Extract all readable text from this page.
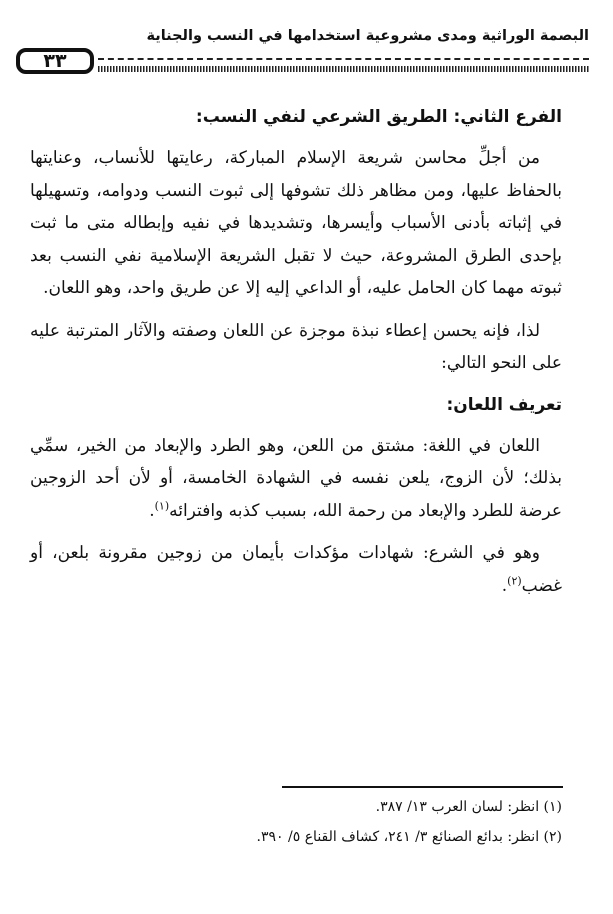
٣٣
البصمة الوراثية ومدى مشروعية استخدامها في النسب والجناية
الفرع الثاني: الطريق الشرعي لنفي النسب:

من أجلِّ محاسن شريعة الإسلام المباركة، رعايتها للأنساب، وعنايتها بالحفاظ عليها، ومن مظاهر ذلك تشوفها إلى ثبوت النسب ودوامه، وتسهيلها في إثباته بأدنى الأسباب وأيسرها، وتشديدها في نفيه وإبطاله متى ما ثبت بإحدى الطرق المشروعة، حيث لا تقبل الشريعة الإسلامية نفي النسب بعد ثبوته مهما كان الحامل عليه، أو الداعي إليه إلا عن طريق واحد، وهو اللعان.

لذا، فإنه يحسن إعطاء نبذة موجزة عن اللعان وصفته والآثار المترتبة عليه على النحو التالي:

تعريف اللعان:

اللعان في اللغة: مشتق من اللعن، وهو الطرد والإبعاد من الخير، سمِّي بذلك؛ لأن الزوج، يلعن نفسه في الشهادة الخامسة، أو لأن أحد الزوجين عرضة للطرد والإبعاد من رحمة الله، بسبب كذبه وافترائه$^{(١)}$.

وهو في الشرع: شهادات مؤكدات بأيمان من زوجين مقرونة بلعن، أو غضب$^{(٢)}$.

(١) انظر: لسان العرب ١٣/ ٣٨٧.

(٢) انظر: بدائع الصنائع ٣/ ٢٤١، كشاف القناع ٥/ ٣٩٠.
